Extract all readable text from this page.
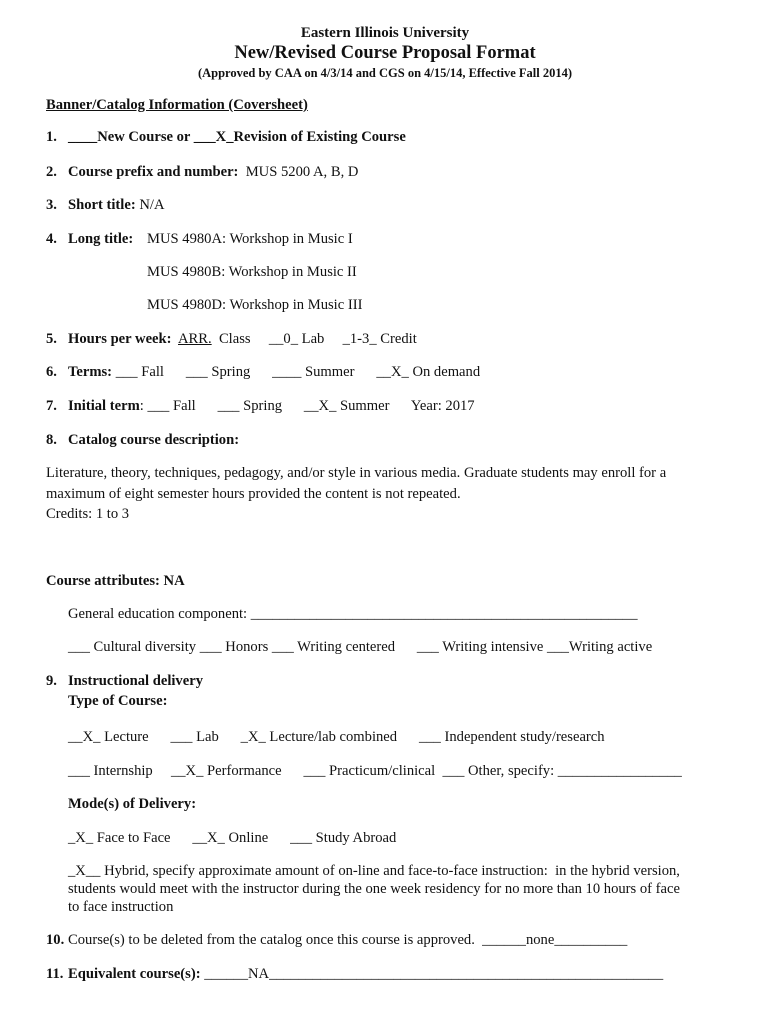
Eastern Illinois University
New/Revised Course Proposal Format
(Approved by CAA on 4/3/14 and CGS on 4/15/14, Effective Fall 2014)
Banner/Catalog Information (Coversheet)
1. ____New Course or ___X_Revision of Existing Course
2. Course prefix and number: MUS 5200 A, B, D
3. Short title: N/A
4. Long title: MUS 4980A: Workshop in Music I
MUS 4980B: Workshop in Music II
MUS 4980D: Workshop in Music III
5. Hours per week: ARR. Class     __0_ Lab     _1-3_ Credit
6. Terms: ___ Fall      ___ Spring      ____ Summer      __X_ On demand
7. Initial term: ___ Fall      ___ Spring      __X_ Summer      Year: 2017
8. Catalog course description:
Literature, theory, techniques, pedagogy, and/or style in various media. Graduate students may enroll for a
maximum of eight semester hours provided the content is not repeated.
Credits: 1 to 3
Course attributes: NA
General education component: _____________________________________________________
___ Cultural diversity ___ Honors ___ Writing centered      ___ Writing intensive ___Writing active
9. Instructional delivery
Type of Course:
__X_ Lecture      ___ Lab      _X_ Lecture/lab combined      ___ Independent study/research
___ Internship     __X_ Performance      ___ Practicum/clinical  ___ Other, specify: _________________
Mode(s) of Delivery:
_X_ Face to Face      __X_ Online      ___ Study Abroad
_X__ Hybrid, specify approximate amount of on-line and face-to-face instruction:  in the hybrid version,
students would meet with the instructor during the one week residency for no more than 10 hours of face
to face instruction
10. Course(s) to be deleted from the catalog once this course is approved.  ______none__________
11. Equivalent course(s): ______NA______________________________________________________
